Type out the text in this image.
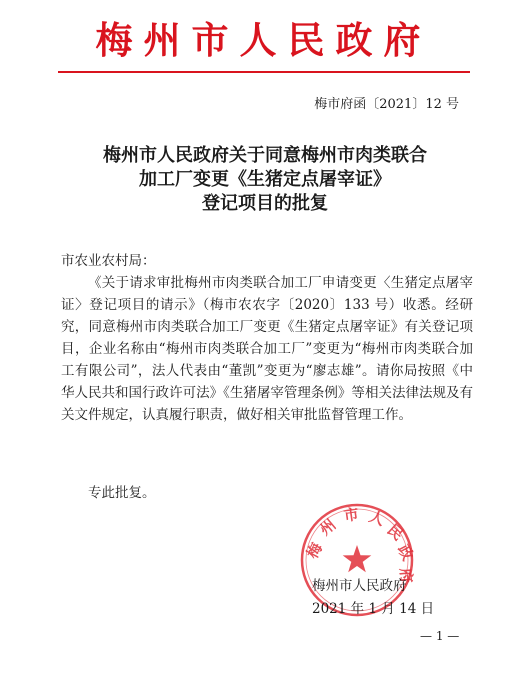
梅州市人民政府
梅市府函〔2021〕12 号
梅州市人民政府关于同意梅州市肉类联合
加工厂变更《生猪定点屠宰证》
登记项目的批复
市农业农村局：

《关于请求审批梅州市肉类联合加工厂申请变更〈生猪定点屠宰证〉登记项目的请示》（梅市农农字〔2020〕133 号）收悉。经研究，同意梅州市肉类联合加工厂变更《生猪定点屠宰证》有关登记项目，企业名称由“梅州市肉类联合加工厂”变更为“梅州市肉类联合加工有限公司”，法人代表由“董凯”变更为“廖志雄”。请你局按照《中华人民共和国行政许可法》《生猪屠宰管理条例》等相关法律法规及有关文件规定，认真履行职责，做好相关审批监督管理工作。

专此批复。
梅
州
市 人
民
政
府
梅州市人民政府
2021 年 1 月 14 日
— 1 —
